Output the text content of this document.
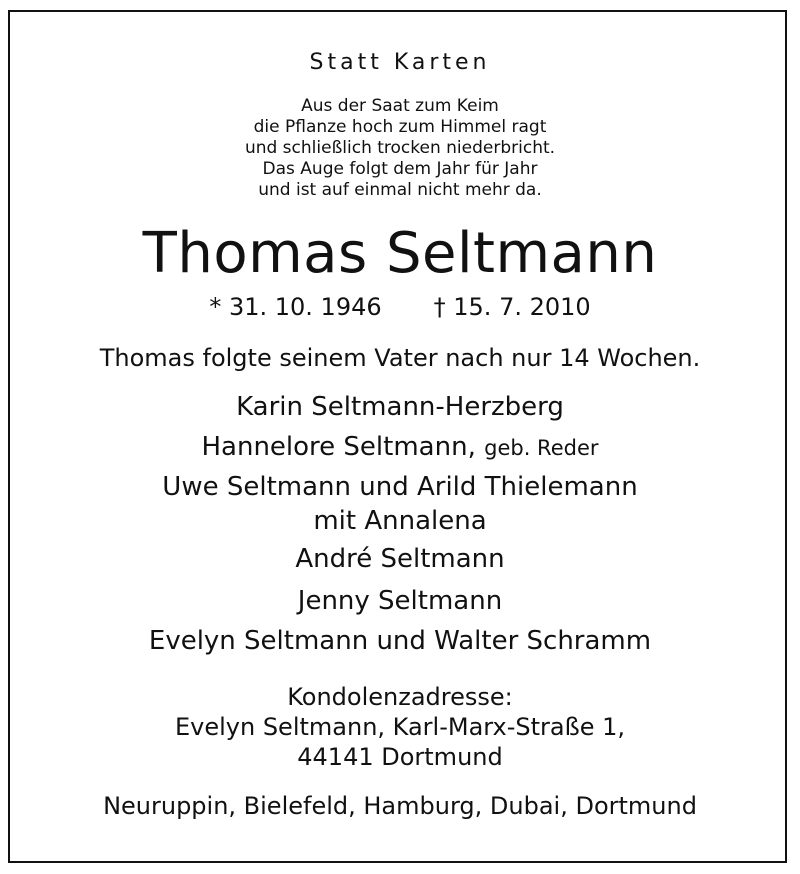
Statt Karten
Aus der Saat zum Keim
die Pflanze hoch zum Himmel ragt
und schließlich trocken niederbricht.
Das Auge folgt dem Jahr für Jahr
und ist auf einmal nicht mehr da.
Thomas Seltmann
* 31. 10. 1946 † 15. 7. 2010
Thomas folgte seinem Vater nach nur 14 Wochen.
Karin Seltmann-Herzberg
Hannelore Seltmann, geb. Reder
Uwe Seltmann und Arild Thielemann
mit Annalena
André Seltmann
Jenny Seltmann
Evelyn Seltmann und Walter Schramm
Kondolenzadresse:
Evelyn Seltmann, Karl-Marx-Straße 1,
44141 Dortmund
Neuruppin, Bielefeld, Hamburg, Dubai, Dortmund
